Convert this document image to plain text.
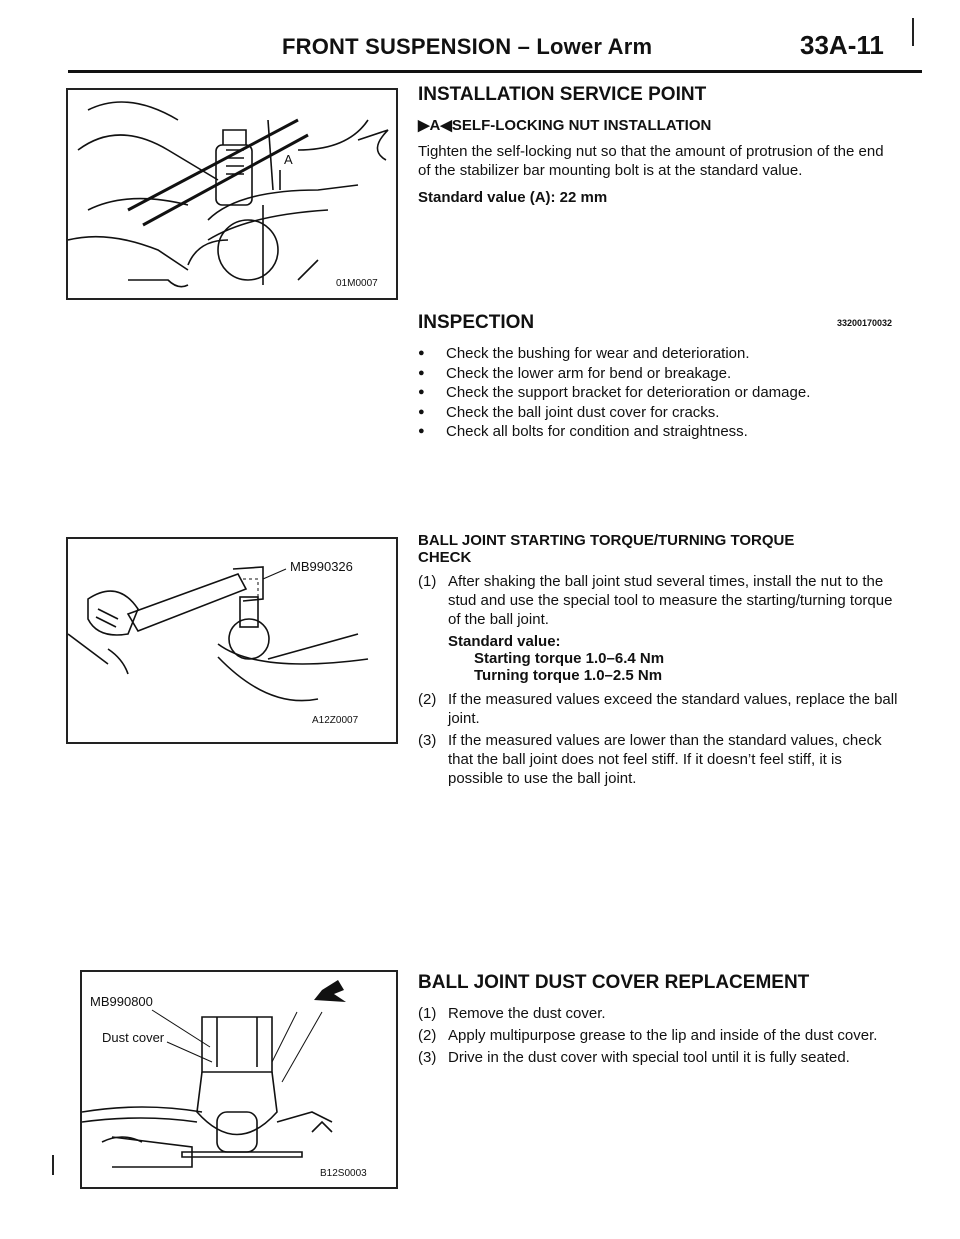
FRONT SUSPENSION – Lower Arm	33A-11
A
01M0007
MB990326
A12Z0007
MB990800
Dust cover
B12S0003
INSTALLATION SERVICE POINT
▶A◀SELF-LOCKING NUT INSTALLATION

Tighten the self-locking nut so that the amount of protrusion of the end of the stabilizer bar mounting bolt is at the standard value.

Standard value (A): 22 mm

INSPECTION	33200170032
● Check the bushing for wear and deterioration.
● Check the lower arm for bend or breakage.
● Check the support bracket for deterioration or damage.
● Check the ball joint dust cover for cracks.
● Check all bolts for condition and straightness.
BALL JOINT STARTING TORQUE/TURNING TORQUE
CHECK
(1) After shaking the ball joint stud several times, install the nut to the stud and use the special tool to measure the starting/turning torque of the ball joint.
Standard value:
Starting torque 1.0–6.4 Nm
Turning torque 1.0–2.5 Nm
(2) If the measured values exceed the standard values, replace the ball joint.
(3) If the measured values are lower than the standard values, check that the ball joint does not feel stiff. If it doesn’t feel stiff, it is possible to use the ball joint.
BALL JOINT DUST COVER REPLACEMENT
(1) Remove the dust cover.
(2) Apply multipurpose grease to the lip and inside of the dust cover.
(3) Drive in the dust cover with special tool until it is fully seated.
